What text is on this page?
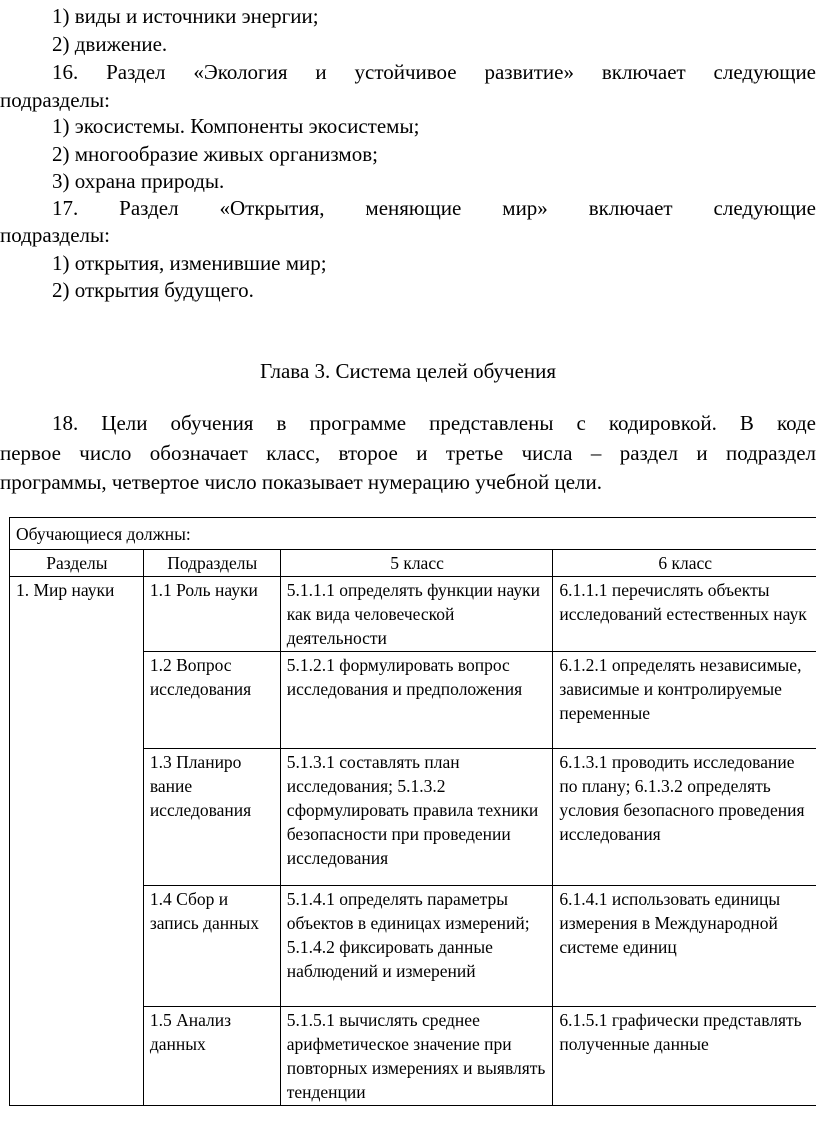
1) виды и источники энергии;
2) движение.
16. Раздел «Экология и устойчивое развитие» включает следующие
подразделы:
1) экосистемы. Компоненты экосистемы;
2) многообразие живых организмов;
3) охрана природы.
17. Раздел «Открытия, меняющие мир» включает следующие
подразделы:
1) открытия, изменившие мир;
2) открытия будущего.
Глава 3. Система целей обучения
18. Цели обучения в программе представлены с кодировкой. В коде
первое число обозначает класс, второе и третье числа – раздел и подраздел
программы, четвертое число показывает нумерацию учебной цели.
Обучающиеся должны:			
Разделы	Подразделы	5 класс	6 класс
1. Мир науки	1.1 Роль науки	5.1.1.1 определять функции науки как вида человеческой деятельности	6.1.1.1 перечислять объекты исследований естественных наук
	1.2 Вопрос исследования	5.1.2.1 формулировать вопрос исследования и предположения	6.1.2.1 определять независимые, зависимые и контролируемые переменные
	1.3 Планиро вание исследования	5.1.3.1 составлять план исследования; 5.1.3.2 сформулировать правила техники безопасности при проведении исследования	6.1.3.1 проводить исследование по плану; 6.1.3.2 определять условия безопасного проведения исследования
	1.4 Сбор и запись данных	5.1.4.1 определять параметры объектов в единицах измерений; 5.1.4.2 фиксировать данные наблюдений и измерений	6.1.4.1 использовать единицы измерения в Международной системе единиц
	1.5 Анализ данных	5.1.5.1 вычислять среднее арифметическое значение при повторных измерениях и выявлять тенденции	6.1.5.1 графически представлять полученные данные
